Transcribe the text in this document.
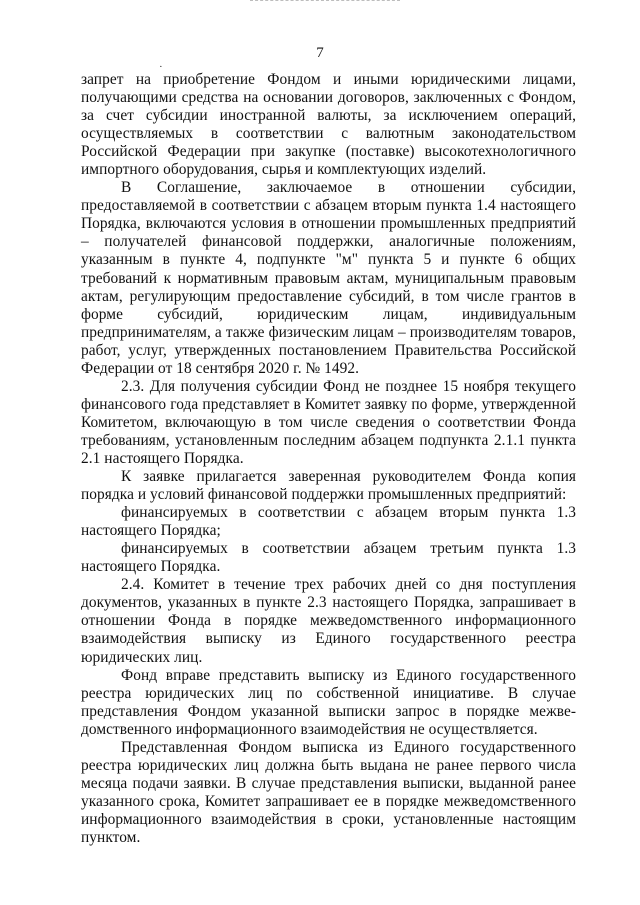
7
·

запрет на приобретение Фондом и иными юридическими лицами, получающими средства на основании договоров, заключенных с Фондом, за счет субсидии иностранной валюты, за исключением операций, осуществляемых в соответствии с валютным законодательством Российской Федерации при закупке (поставке) высокотехнологичного импортного оборудования, сырья и комплектующих изделий.

В Соглашение, заключаемое в отношении субсидии, предоставляемой в соответствии с абзацем вторым пункта 1.4 настоящего Порядка, включаются условия в отношении промышленных предприятий – получателей финансовой поддержки, аналогичные положениям, указанным в пункте 4, подпункте "м" пункта 5 и пункте 6 общих требований к нормативным правовым актам, муниципальным правовым актам, регулирующим предоставление субсидий, в том числе грантов в форме субсидий, юридическим лицам, индивидуальным предпринимателям, а также физическим лицам – производителям товаров, работ, услуг, утвержденных постановлением Правительства Российской Федерации от 18 сентября 2020 г. № 1492.

2.3. Для получения субсидии Фонд не позднее 15 ноября текущего финансового года представляет в Комитет заявку по форме, утвержденной Комитетом, включающую в том числе сведения о соответствии Фонда требованиям, установленным последним абзацем подпункта 2.1.1 пункта 2.1 настоящего Порядка.

К заявке прилагается заверенная руководителем Фонда копия порядка и условий финансовой поддержки промышленных предприятий:

финансируемых в соответствии с абзацем вторым пункта 1.3 настоящего Порядка;

финансируемых в соответствии абзацем третьим пункта 1.3 настоящего Порядка.

2.4. Комитет в течение трех рабочих дней со дня поступления документов, указанных в пункте 2.3 настоящего Порядка, запрашивает в отношении Фонда в порядке межведомственного информационного взаимодействия выписку из Единого государственного реестра юридических лиц.

Фонд вправе представить выписку из Единого государственного реестра юридических лиц по собственной инициативе. В случае представления Фондом указанной выписки запрос в порядке межведомственного информационного взаимодействия не осуществляется.

Представленная Фондом выписка из Единого государственного реестра юридических лиц должна быть выдана не ранее первого числа месяца подачи заявки. В случае представления выписки, выданной ранее указанного срока, Комитет запрашивает ее в порядке межведомственного информационного взаимодействия в сроки, установленные настоящим пунктом.
